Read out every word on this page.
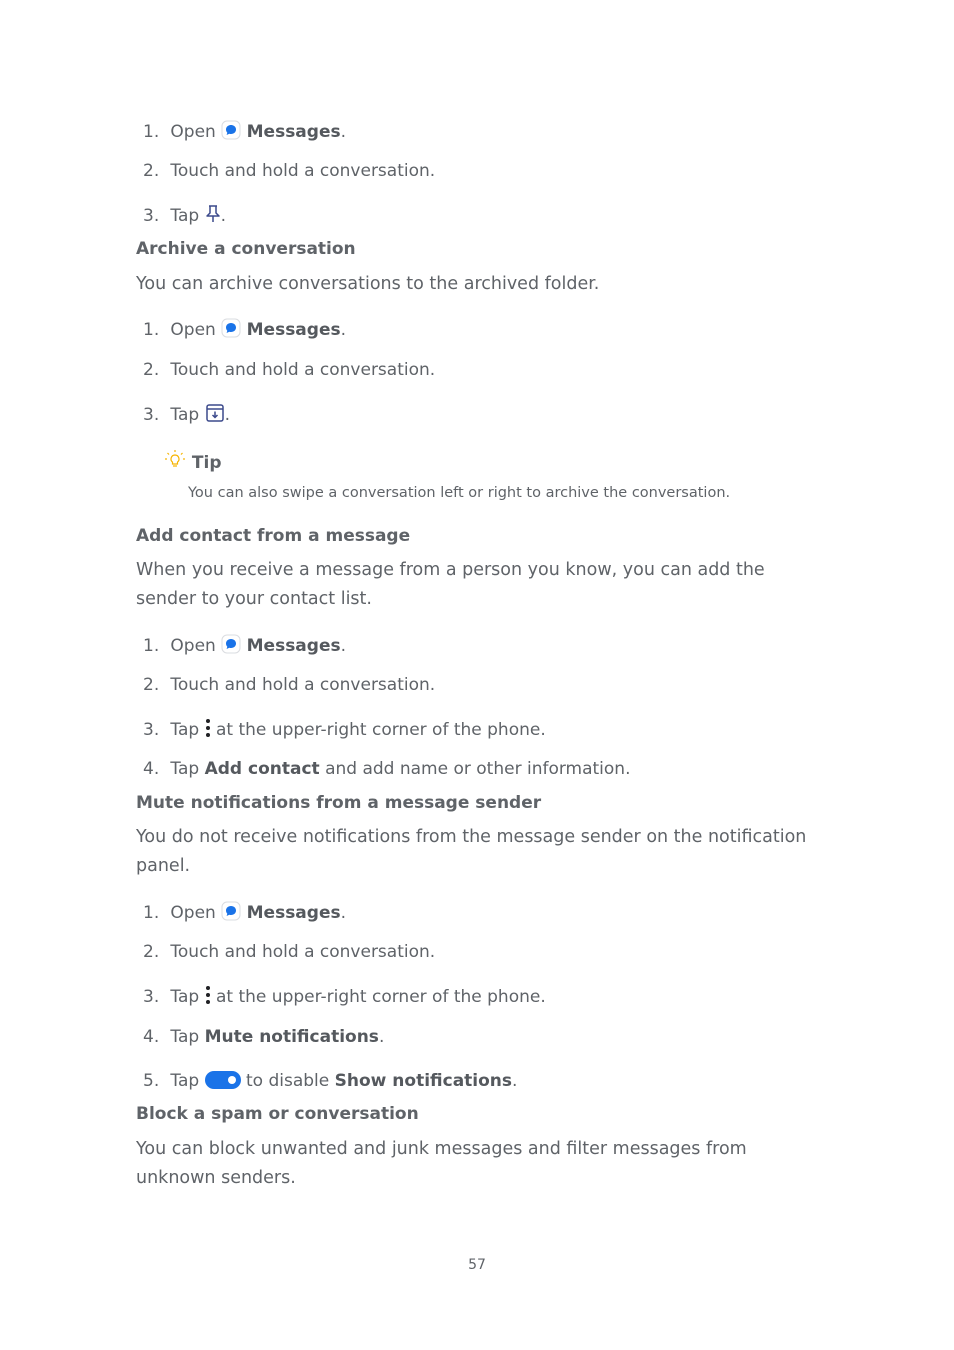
1. Open Messages.
2. Touch and hold a conversation.
3. Tap .
Archive a conversation
You can archive conversations to the archived folder.
1. Open Messages.
2. Touch and hold a conversation.
3. Tap .
Tip
You can also swipe a conversation left or right to archive the conversation.
Add contact from a message
When you receive a message from a person you know, you can add the sender to your contact list.
1. Open Messages.
2. Touch and hold a conversation.
3. Tap at the upper-right corner of the phone.
4. Tap Add contact and add name or other information.
Mute notifications from a message sender
You do not receive notifications from the message sender on the notification panel.
1. Open Messages.
2. Touch and hold a conversation.
3. Tap at the upper-right corner of the phone.
4. Tap Mute notifications.
5. Tap	to disable Show notifications.
Block a spam or conversation
You can block unwanted and junk messages and filter messages from unknown senders.
57
